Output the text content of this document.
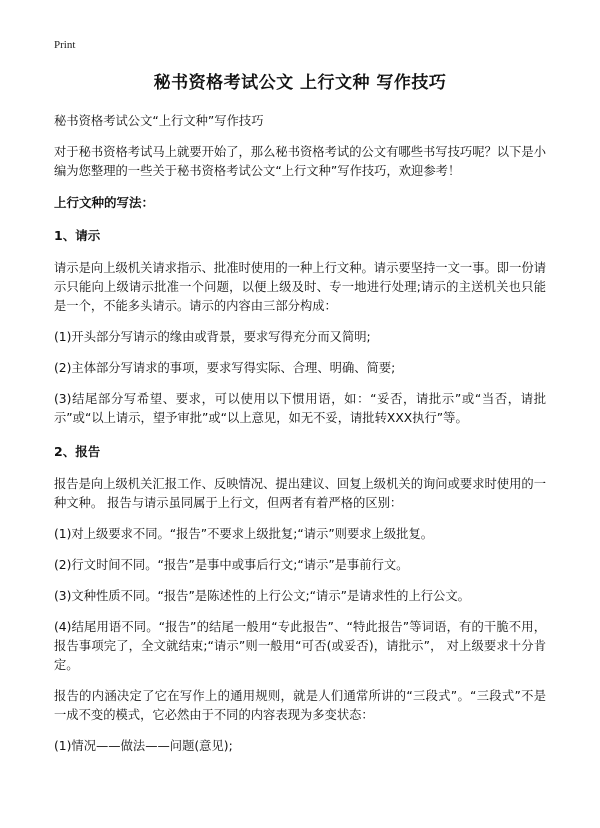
Print
秘书资格考试公文 上行文种 写作技巧
秘书资格考试公文“上行文种”写作技巧
对于秘书资格考试马上就要开始了，那么秘书资格考试的公文有哪些书写技巧呢？以下是小编为您整理的一些关于秘书资格考试公文“上行文种”写作技巧，欢迎参考！
上行文种的写法：
1、请示
请示是向上级机关请求指示、批准时使用的一种上行文种。请示要坚持一文一事。即一份请示只能向上级请示批准一个问题，以便上级及时、专一地进行处理;请示的主送机关也只能是一个，不能多头请示。请示的内容由三部分构成：
(1)开头部分写请示的缘由或背景，要求写得充分而又简明;
(2)主体部分写请求的事项，要求写得实际、合理、明确、简要;
(3)结尾部分写希望、要求，可以使用以下惯用语，如：“妥否，请批示”或“当否，请批示”或“以上请示，望予审批”或“以上意见，如无不妥，请批转XXX执行”等。
2、报告
报告是向上级机关汇报工作、反映情况、提出建议、回复上级机关的询问或要求时使用的一种文种。 报告与请示虽同属于上行文，但两者有着严格的区别：
(1)对上级要求不同。“报告”不要求上级批复;“请示”则要求上级批复。
(2)行文时间不同。“报告”是事中或事后行文;“请示”是事前行文。
(3)文种性质不同。“报告”是陈述性的上行公文;“请示”是请求性的上行公文。
(4)结尾用语不同。“报告”的结尾一般用“专此报告”、“特此报告”等词语，有的干脆不用，报告事项完了，全文就结束;“请示”则一般用“可否(或妥否)，请批示”， 对上级要求十分肯定。
报告的内涵决定了它在写作上的通用规则，就是人们通常所讲的“三段式”。“三段式”不是一成不变的模式，它必然由于不同的内容表现为多变状态：
(1)情况——做法——问题(意见);
